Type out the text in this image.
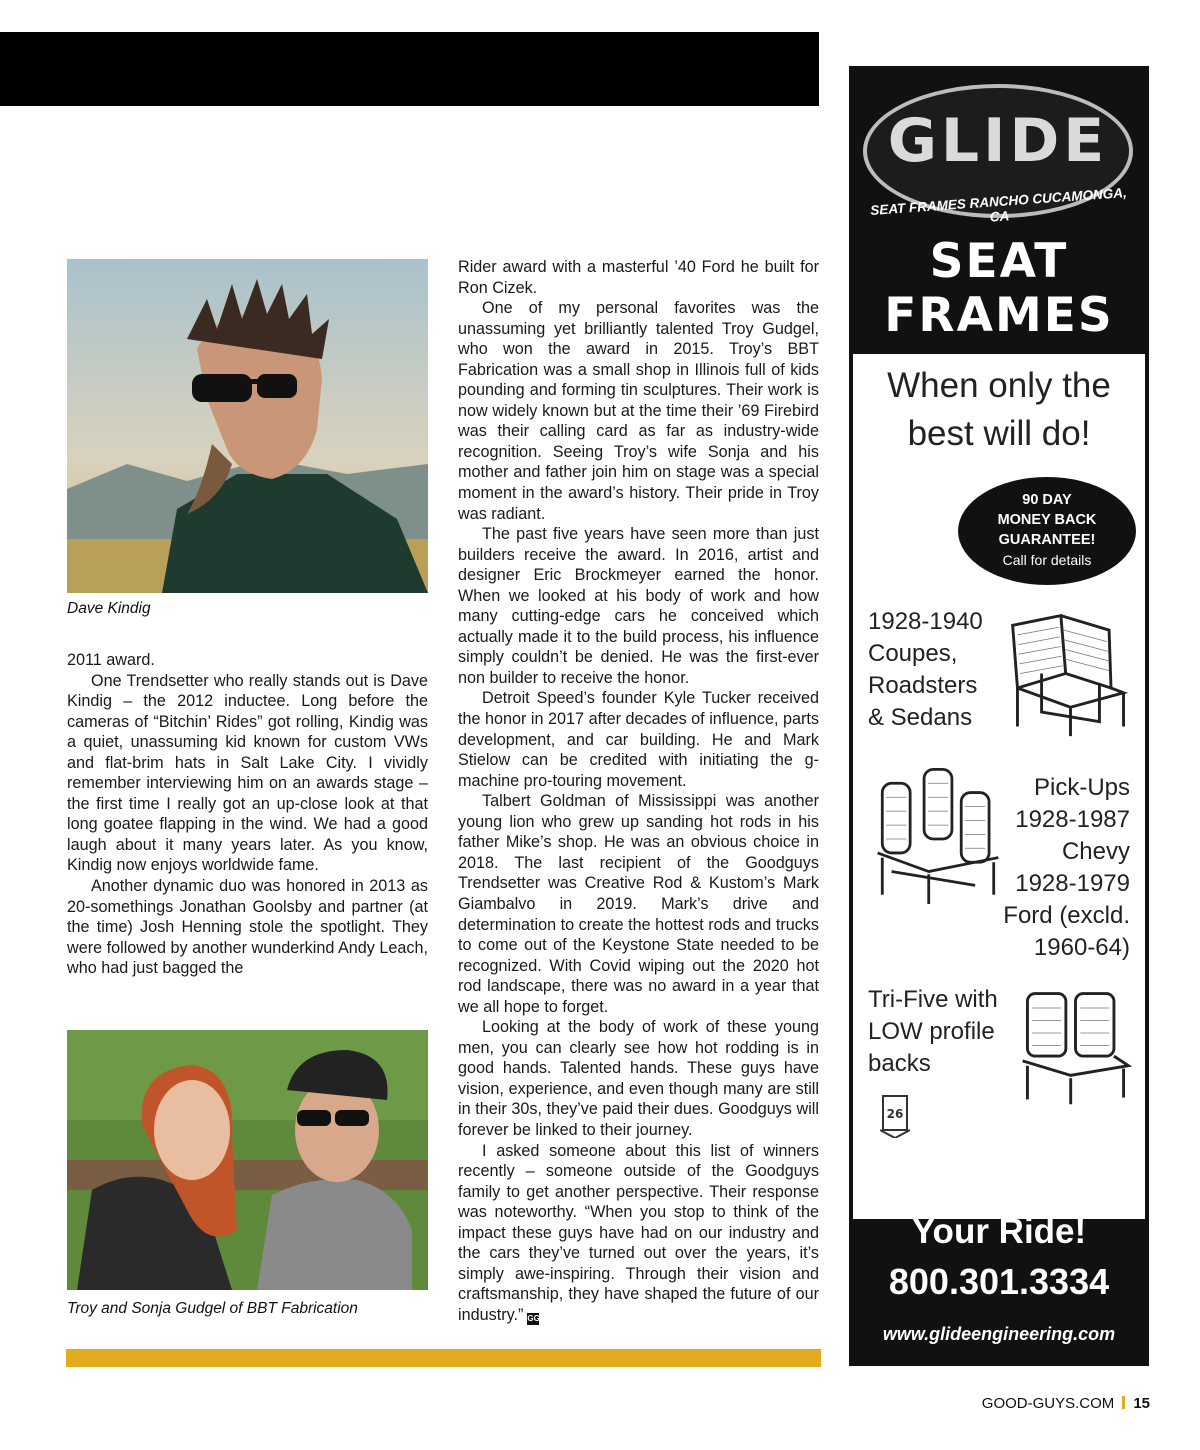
Dave Kindig
Troy and Sonja Gudgel of BBT Fabrication

2011 award.

One Trendsetter who really stands out is Dave Kindig – the 2012 inductee. Long before the cameras of “Bitchin’ Rides” got rolling, Kindig was a quiet, unassuming kid known for custom VWs and flat-brim hats in Salt Lake City. I vividly remember interviewing him on an awards stage – the first time I really got an up-close look at that long goatee flapping in the wind. We had a good laugh about it many years later. As you know, Kindig now enjoys worldwide fame.

Another dynamic duo was honored in 2013 as 20-somethings Jonathan Goolsby and partner (at the time) Josh Henning stole the spotlight. They were followed by another wunderkind Andy Leach, who had just bagged the

Rider award with a masterful ’40 Ford he built for Ron Cizek.

One of my personal favorites was the unassuming yet brilliantly talented Troy Gudgel, who won the award in 2015. Troy’s BBT Fabrication was a small shop in Illinois full of kids pounding and forming tin sculptures. Their work is now widely known but at the time their ’69 Firebird was their calling card as far as industry-wide recognition. Seeing Troy’s wife Sonja and his mother and father join him on stage was a special moment in the award’s history. Their pride in Troy was radiant.

The past five years have seen more than just builders receive the award. In 2016, artist and designer Eric Brockmeyer earned the honor. When we looked at his body of work and how many cutting-edge cars he conceived which actually made it to the build process, his influence simply couldn’t be denied. He was the first-ever non builder to receive the honor.

Detroit Speed’s founder Kyle Tucker received the honor in 2017 after decades of influence, parts development, and car building. He and Mark Stielow can be credited with initiating the g-machine pro-touring movement.

Talbert Goldman of Mississippi was another young lion who grew up sanding hot rods in his father Mike’s shop. He was an obvious choice in 2018. The last recipient of the Goodguys Trendsetter was Creative Rod & Kustom’s Mark Giambalvo in 2019. Mark’s drive and determination to create the hottest rods and trucks to come out of the Keystone State needed to be recognized. With Covid wiping out the 2020 hot rod landscape, there was no award in a year that we all hope to forget.

Looking at the body of work of these young men, you can clearly see how hot rodding is in good hands. Talented hands. These guys have vision, experience, and even though many are still in their 30s, they’ve paid their dues. Goodguys will forever be linked to their journey.

I asked someone about this list of winners recently – someone outside of the Goodguys family to get another perspective. Their response was noteworthy. “When you stop to think of the impact these guys have had on our industry and the cars they’ve turned out over the years, it’s simply awe-inspiring. Through their vision and craftsmanship, they have shaped the future of our industry.” GG

GOOD-GUYS.COM 15
GLIDE
SEAT FRAMES RANCHO CUCAMONGA, CA
SEAT
FRAMES
When only the
best will do!
90 DAY
MONEY BACK
GUARANTEE!
Call for details
1928-1940
Coupes,
Roadsters
& Sedans
Pick-Ups
1928-1987
Chevy
1928-1979
Ford (excld.
1960-64)
Tri-Five with
LOW profile
backs
26
Put A Glide In
Your Ride!
800.301.3334
www.glideengineering.com
